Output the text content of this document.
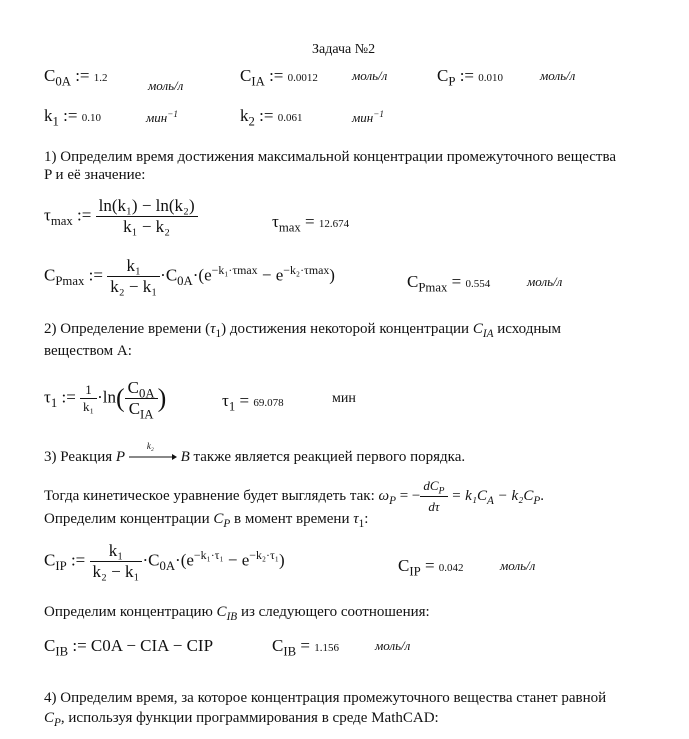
Задача №2
$C_{0A}$ := 1.2	моль/л
$C_{IA}$ := 0.0012	моль/л	$C_P$ := 0.010	моль/л
$k_1$ := 0.10	мин$^{-1}$	$k_2$ := 0.061	мин$^{-1}$
1) Определим время достижения максимальной концентрации промежуточного вещества
P и её значение:
$\tau_{max}$ := $\frac{\text{ln(k₁) − ln(k₂)}}{\text{k₁ − k₂}}$	$\tau_{max} = 12.674$
$C_{Pmax}$ := $\frac{\text{k₁}}{\text{k₂ − k₁}} \cdot C_{0A}\cdot(e^{-k_1\cdot\tau max} - e^{-k_2\cdot\tau max})$	$C_{Pmax} = 0.554$	моль/л
2) Определение времени $(\tau_1)$ достижения некоторой концентрации $C_{IA}$ исходным
веществом А:
$\tau_1$ := $\frac{1}{\text{k₁}} \cdot\ln( \frac{C_{0A}}{C_{IA}}$ )	$\tau_1 = 69.078$	мин
3) Реакция P
k₂
B также является реакцией первого порядка.
Тогда кинетическое уравнение будет выглядеть так: $\omega_P$ = − $\frac{dC_P}{d\tau} = k_1C_A - k_2C_P$.
Определим концентрации $C_P$ в момент времени $\tau_1$:
$C_{IP}$ := $\frac{\text{k₁}}{\text{k₂ − k₁}} \cdot C_{0A}\cdot(e^{-k_1\cdot\tau_1} - e^{-k_2\cdot\tau_1})$	$C_{IP} = 0.042$	моль/л
Определим концентрацию $C_{IB}$ из следующего соотношения:
$C_{IB}$ := C0A − CIA − CIP	$C_{IB} = 1.156$	моль/л
4) Определим время, за которое концентрация промежуточного вещества станет равной
$C_P$, используя функции программирования в среде MathCAD:
